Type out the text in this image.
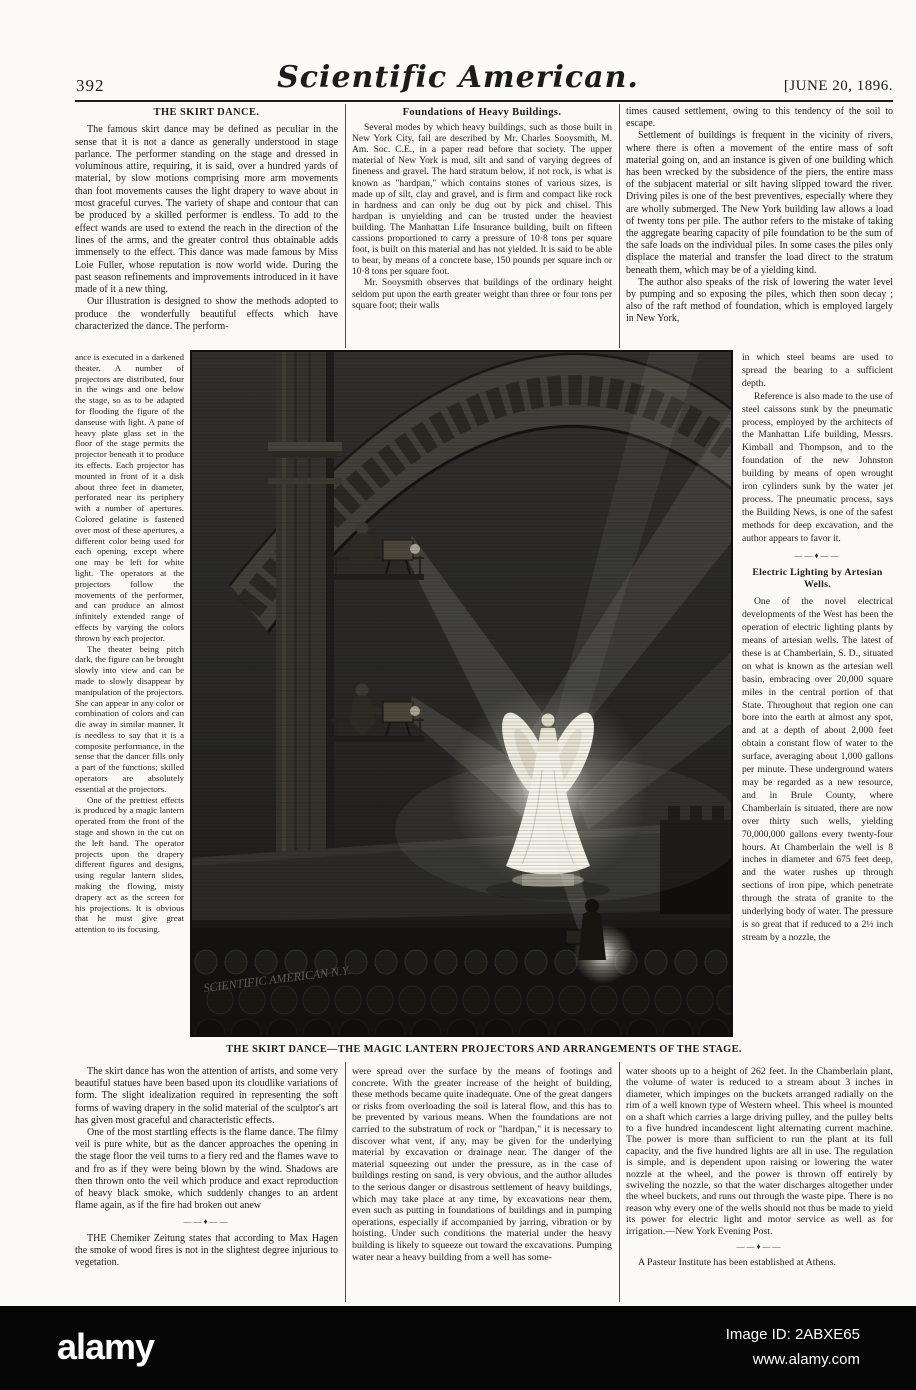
392	Scientific American.	[JUNE 20, 1896.
THE SKIRT DANCE.

The famous skirt dance may be defined as peculiar in the sense that it is not a dance as generally understood in stage parlance. The performer standing on the stage and dressed in voluminous attire, requiring, it is said, over a hundred yards of material, by slow motions comprising more arm movements than foot movements causes the light drapery to wave about in most graceful curves. The variety of shape and contour that can be produced by a skilled performer is endless. To add to the effect wands are used to extend the reach in the direction of the lines of the arms, and the greater control thus obtainable adds immensely to the effect. This dance was made famous by Miss Loie Fuller, whose reputation is now world wide. During the past season refinements and improvements introduced in it have made of it a new thing.

Our illustration is designed to show the methods adopted to produce the wonderfully beautiful effects which have characterized the dance. The perform-

Foundations of Heavy Buildings.

Several modes by which heavy buildings, such as those built in New York City, fail are described by Mr. Charles Sooysmith, M. Am. Soc. C.E., in a paper read before that society. The upper material of New York is mud, silt and sand of varying degrees of fineness and gravel. The hard stratum below, if not rock, is what is known as "hardpan," which contains stones of various sizes, is made up of silt, clay and gravel, and is firm and compact like rock in hardness and can only be dug out by pick and chisel. This hardpan is unyielding and can be trusted under the heaviest building. The Manhattan Life Insurance building, built on fifteen cassions proportioned to carry a pressure of 10·8 tons per square foot, is built on this material and has not yielded. It is said to be able to bear, by means of a concrete base, 150 pounds per square inch or 10·8 tons per square foot.

Mr. Sooysmith observes that buildings of the ordinary height seldom put upon the earth greater weight than three or four tons per square foot; their walls

times caused settlement, owing to this tendency of the soil to escape.

Settlement of buildings is frequent in the vicinity of rivers, where there is often a movement of the entire mass of soft material going on, and an instance is given of one building which has been wrecked by the subsidence of the piers, the entire mass of the subjacent material or silt having slipped toward the river. Driving piles is one of the best preventives, especially where they are wholly submerged. The New York building law allows a load of twenty tons per pile. The author refers to the mistake of taking the aggregate bearing capacity of pile foundation to be the sum of the safe loads on the individual piles. In some cases the piles only displace the material and transfer the load direct to the stratum beneath them, which may be of a yielding kind.

The author also speaks of the risk of lowering the water level by pumping and so exposing the piles, which then soon decay ; also of the raft method of foundation, which is employed largely in New York,

ance is executed in a darkened theater. A number of projectors are distributed, four in the wings and one below the stage, so as to be adapted for flooding the figure of the danseuse with light. A pane of heavy plate glass set in the floor of the stage permits the projector beneath it to produce its effects. Each projector has mounted in front of it a disk about three feet in diameter, perforated near its periphery with a number of apertures. Colored gelatine is fastened over most of these apertures, a different color being used for each opening, except where one may be left for white light. The operators at the projectors follow the movements of the performer, and can produce an almost infinitely extended range of effects by varying the colors thrown by each projector.

The theater being pitch dark, the figure can be brought slowly into view and can be made to slowly disappear by manipulation of the projectors. She can appear in any color or combination of colors and can die away in similar manner. It is needless to say that it is a composite performance, in the sense that the dancer fills only a part of the functions; skilled operators are absolutely essential at the projectors.

One of the prettiest effects is produced by a magic lantern operated from the front of the stage and shown in the cut on the left hand. The operator projects upon the drapery different figures and designs, using regular lantern slides, making the flowing, misty drapery act as the screen for his projections. It is obvious that he must give great attention to its focusing.

in which steel beams are used to spread the bearing to a sufficient depth.

Reference is also made to the use of steel caissons sunk by the pneumatic process, employed by the architects of the Manhattan Life building, Messrs. Kimball and Thompson, and to the foundation of the new Johnston building by means of open wrought iron cylinders sunk by the water jet process. The pneumatic process, says the Building News, is one of the safest methods for deep excavation, and the author appears to favor it.

——♦——
Electric Lighting by Artesian Wells.

One of the novel electrical developments of the West has been the operation of electric lighting plants by means of artesian wells. The latest of these is at Chamberlain, S. D., situated on what is known as the artesian well basin, embracing over 20,000 square miles in the central portion of that State. Throughout that region one can bore into the earth at almost any spot, and at a depth of about 2,000 feet obtain a constant flow of water to the surface, averaging about 1,000 gallons per minute. These underground waters may be regarded as a new resource, and in Brule County, where Chamberlain is situated, there are now over thirty such wells, yielding 70,000,000 gallons every twenty-four hours. At Chamberlain the well is 8 inches in diameter and 675 feet deep, and the water rushes up through sections of iron pipe, which penetrate through the strata of granite to the underlying body of water. The pressure is so great that if reduced to a 2½ inch stream by a nozzle, the

THE SKIRT DANCE—THE MAGIC LANTERN PROJECTORS AND ARRANGEMENTS OF THE STAGE.

The skirt dance has won the attention of artists, and some very beautiful statues have been based upon its cloudlike variations of form. The slight idealization required in representing the soft forms of waving drapery in the solid material of the sculptor's art has given most graceful and characteristic effects.

One of the most startling effects is the flame dance. The filmy veil is pure white, but as the dancer approaches the opening in the stage floor the veil turns to a fiery red and the flames wave to and fro as if they were being blown by the wind. Shadows are then thrown onto the veil which produce and exact reproduction of heavy black smoke, which suddenly changes to an ardent flame again, as if the fire had broken out anew

——♦——

THE Chemiker Zeitung states that according to Max Hagen the smoke of wood fires is not in the slightest degree injurious to vegetation.

were spread over the surface by the means of footings and concrete. With the greater increase of the height of building, these methods became quite inadequate. One of the great dangers or risks from overloading the soil is lateral flow, and this has to be prevented by various means. When the foundations are not carried to the substratum of rock or "hardpan," it is necessary to discover what vent, if any, may be given for the underlying material by excavation or drainage near. The danger of the material squeezing out under the pressure, as in the case of buildings resting on sand, is very obvious, and the author alludes to the serious danger or disastrous settlement of heavy buildings, which may take place at any time, by excavations near them, even such as putting in foundations of buildings and in pumping operations, especially if accompanied by jarring, vibration or by hoisting. Under such conditions the material under the heavy building is likely to squeeze out toward the excavations. Pumping water near a heavy building from a well has some-

water shoots up to a height of 262 feet. In the Chamberlain plant, the volume of water is reduced to a stream about 3 inches in diameter, which impinges on the buckets arranged radially on the rim of a well known type of Western wheel. This wheel is mounted on a shaft which carries a large driving pulley, and the pulley belts to a five hundred incandescent light alternating current machine. The power is more than sufficient to run the plant at its full capacity, and the five hundred lights are all in use. The regulation is simple, and is dependent upon raising or lowering the water nozzle at the wheel, and the power is thrown off entirely by swiveling the nozzle, so that the water discharges altogether under the wheel buckets, and runs out through the waste pipe. There is no reason why every one of the wells should not thus be made to yield its power for electric light and motor service as well as for irrigation.—New York Evening Post.

——♦——

A Pasteur Institute has been established at Athens.

alamy	Image ID: 2ABXE65
www.alamy.com
